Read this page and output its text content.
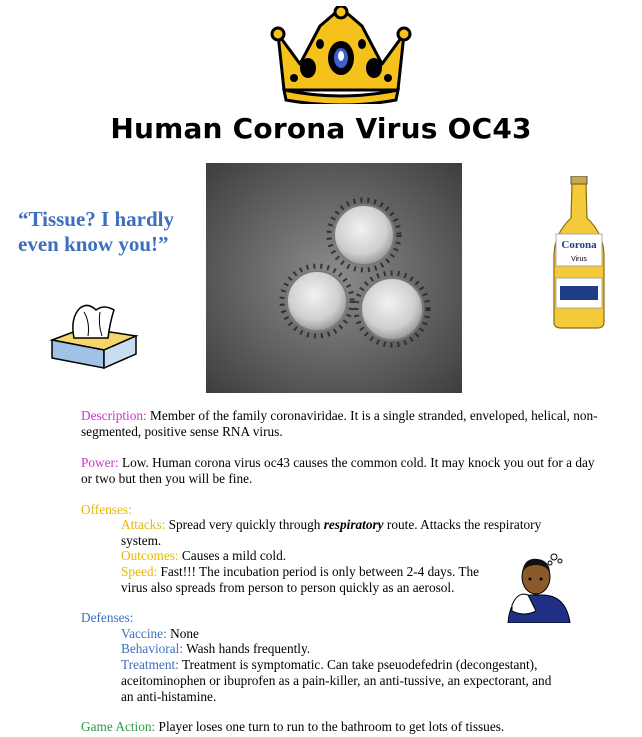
Human Corona Virus OC43
“Tissue? I hardly even know you!”	Corona
Virus
Description: Member of the family coronaviridae. It is a single stranded, enveloped, helical, non-segmented, positive sense RNA virus.
Power: Low. Human corona virus oc43 causes the common cold. It may knock you out for a day or two but then you will be fine.
Offenses:
Attacks: Spread very quickly through respiratory route. Attacks the respiratory system.
Outcomes: Causes a mild cold.
Speed: Fast!!! The incubation period is only between 2-4 days. The virus also spreads from person to person quickly as an aerosol.
Defenses:
Vaccine: None
Behavioral: Wash hands frequently.
Treatment: Treatment is symptomatic. Can take pseuodefedrin (decongestant), aceitominophen or ibuprofen as a pain-killer, an anti-tussive, an expectorant, and an anti-histamine.
Game Action: Player loses one turn to run to the bathroom to get lots of tissues.
